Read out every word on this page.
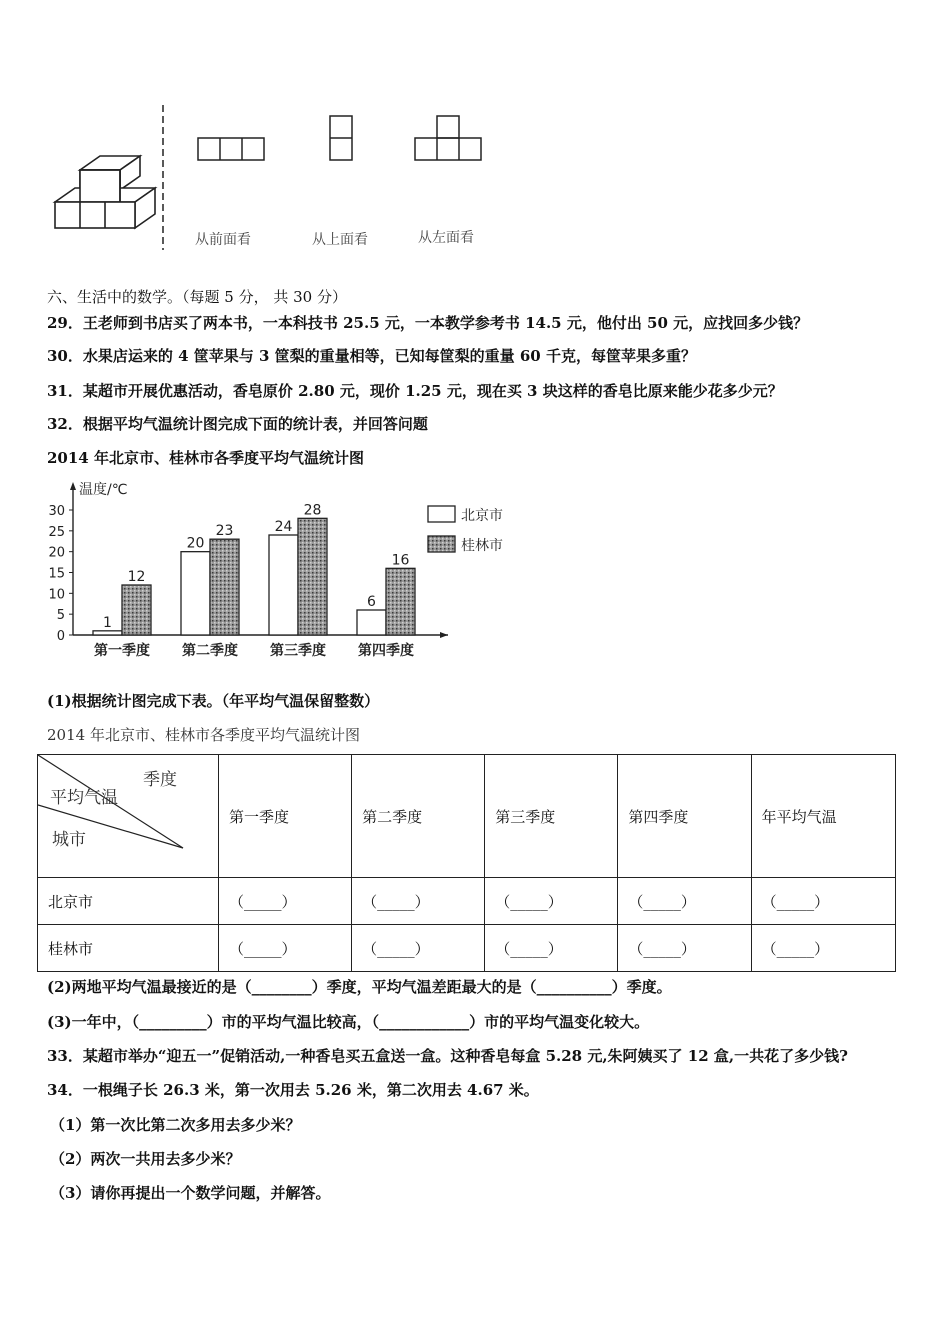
从前面看	从上面看	从左面看
六、生活中的数学。（每题 5 分， 共 30 分）
29．王老师到书店买了两本书，一本科技书 25.5 元，一本教学参考书 14.5 元，他付出 50 元，应找回多少钱？
30．水果店运来的 4 筐苹果与 3 筐梨的重量相等，已知每筐梨的重量 60 千克，每筐苹果多重？
31．某超市开展优惠活动，香皂原价 2.80 元，现价 1.25 元，现在买 3 块这样的香皂比原来能少花多少元？
32．根据平均气温统计图完成下面的统计表，并回答问题
2014 年北京市、桂林市各季度平均气温统计图
温度/℃
0
5
10
15
20
25
30
1
12
第一季度
20
23
第二季度
24
28
第三季度
6
16
第四季度
北京市
桂林市
(1)根据统计图完成下表。（年平均气温保留整数）
2014 年北京市、桂林市各季度平均气温统计图
季度
平均气温
城市	第一季度	第二季度	第三季度	第四季度	年平均气温
北京市	（_____）	（_____）	（_____）	（_____）	（_____）
桂林市	（_____）	（_____）	（_____）	（_____）	（_____）
(2)两地平均气温最接近的是（________）季度，平均气温差距最大的是（__________）季度。
(3)一年中，（_________）市的平均气温比较高，（____________）市的平均气温变化较大。
33．某超市举办“迎五一”促销活动,一种香皂买五盒送一盒。这种香皂每盒 5.28 元,朱阿姨买了 12 盒,一共花了多少钱?
34．一根绳子长 26.3 米，第一次用去 5.26 米，第二次用去 4.67 米。
（1）第一次比第二次多用去多少米？
（2）两次一共用去多少米？
（3）请你再提出一个数学问题，并解答。
